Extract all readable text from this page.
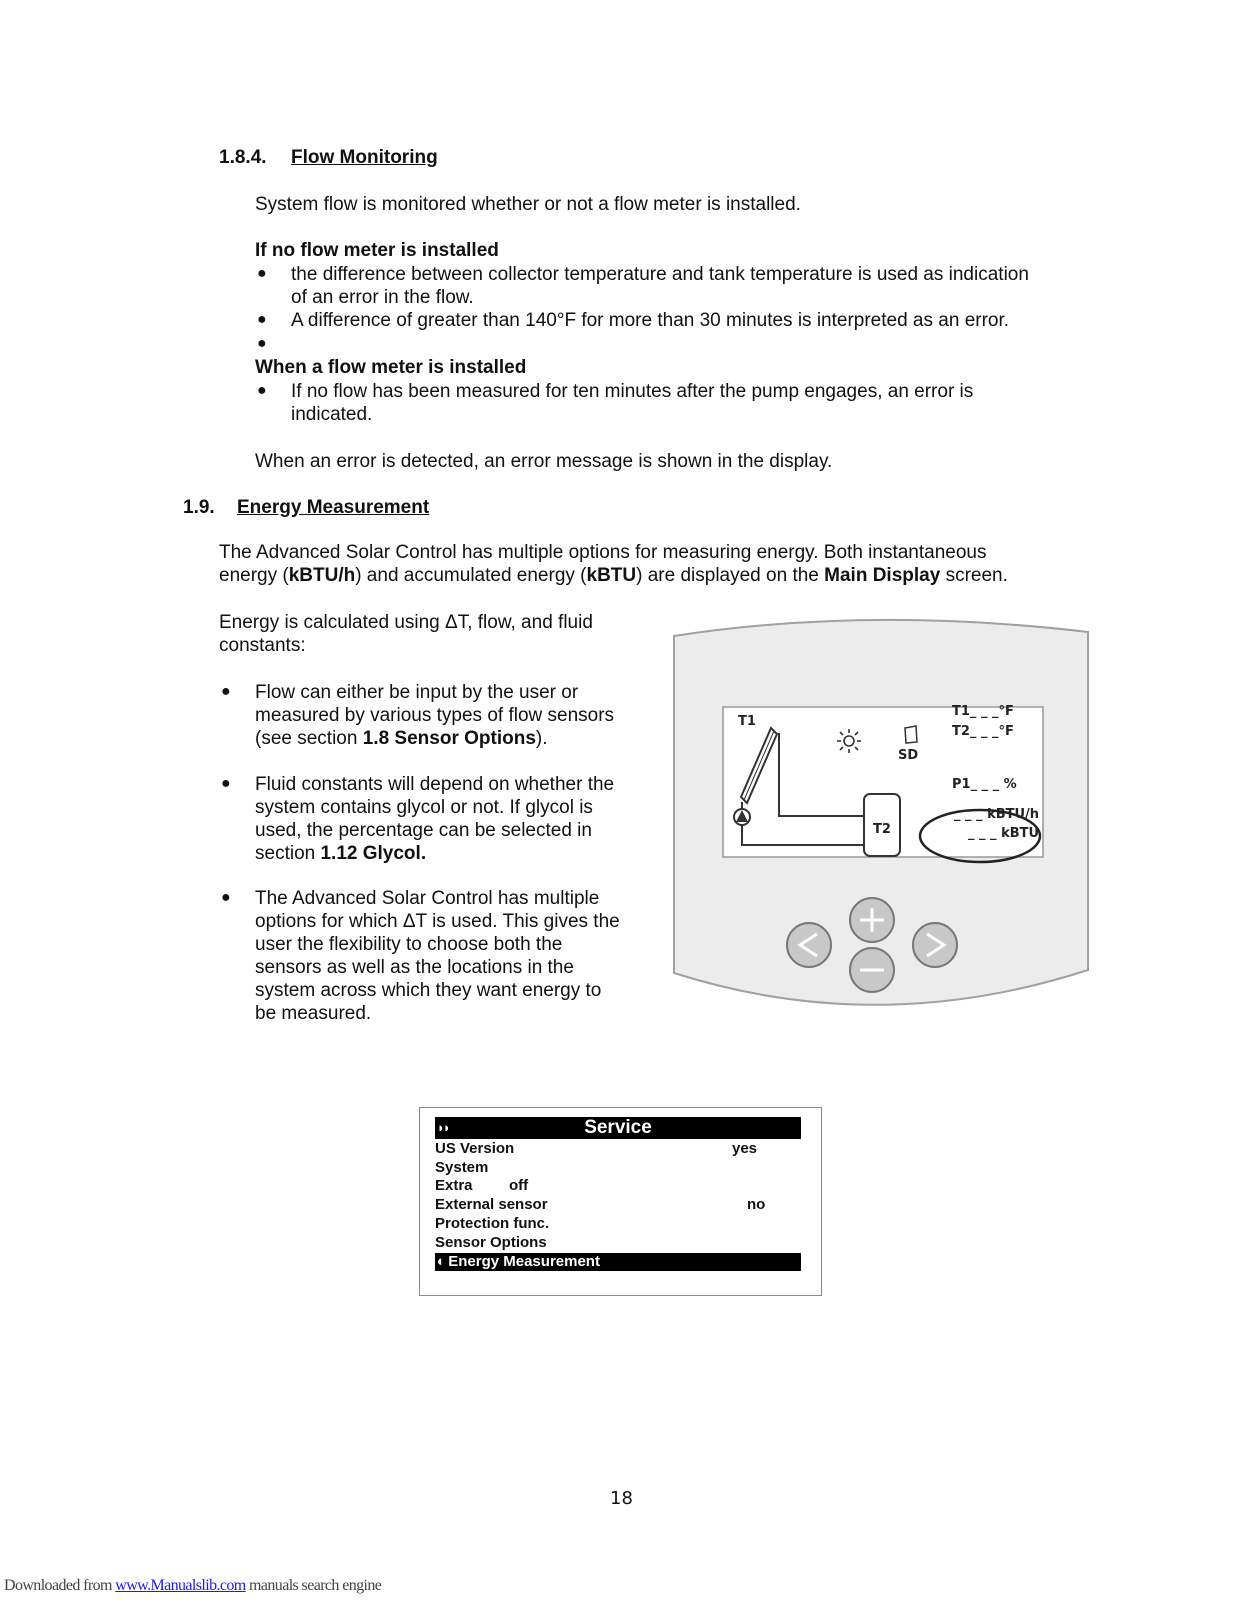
1.8.4. Flow Monitoring
System flow is monitored whether or not a flow meter is installed.
If no flow meter is installed
● the difference between collector temperature and tank temperature is used as indication
of an error in the flow.
● A difference of greater than 140°F for more than 30 minutes is interpreted as an error.
●
When a flow meter is installed
● If no flow has been measured for ten minutes after the pump engages, an error is
indicated.
When an error is detected, an error message is shown in the display.
1.9. Energy Measurement
The Advanced Solar Control has multiple options for measuring energy. Both instantaneous
energy (kBTU/h) and accumulated energy (kBTU) are displayed on the Main Display screen.
Energy is calculated using ΔT, flow, and fluid
constants:
● Flow can either be input by the user or
measured by various types of flow sensors
(see section 1.8 Sensor Options).
● Fluid constants will depend on whether the
system contains glycol or not. If glycol is
used, the percentage can be selected in
section 1.12 Glycol.
● The Advanced Solar Control has multiple
options for which ΔT is used. This gives the
user the flexibility to choose both the
sensors as well as the locations in the
system across which they want energy to
be measured.
T1
SD
T1_ _ _°F
T2_ _ _°F
P1_ _ _ %
_ _ _ kBTU/h
_ _ _ kBTU
T2
◗◗	Service
US Version	yes
System
Extra off
External sensor	no
Protection func.
Sensor Options
◖ Energy Measurement
18
Downloaded from www.Manualslib.com manuals search engine
